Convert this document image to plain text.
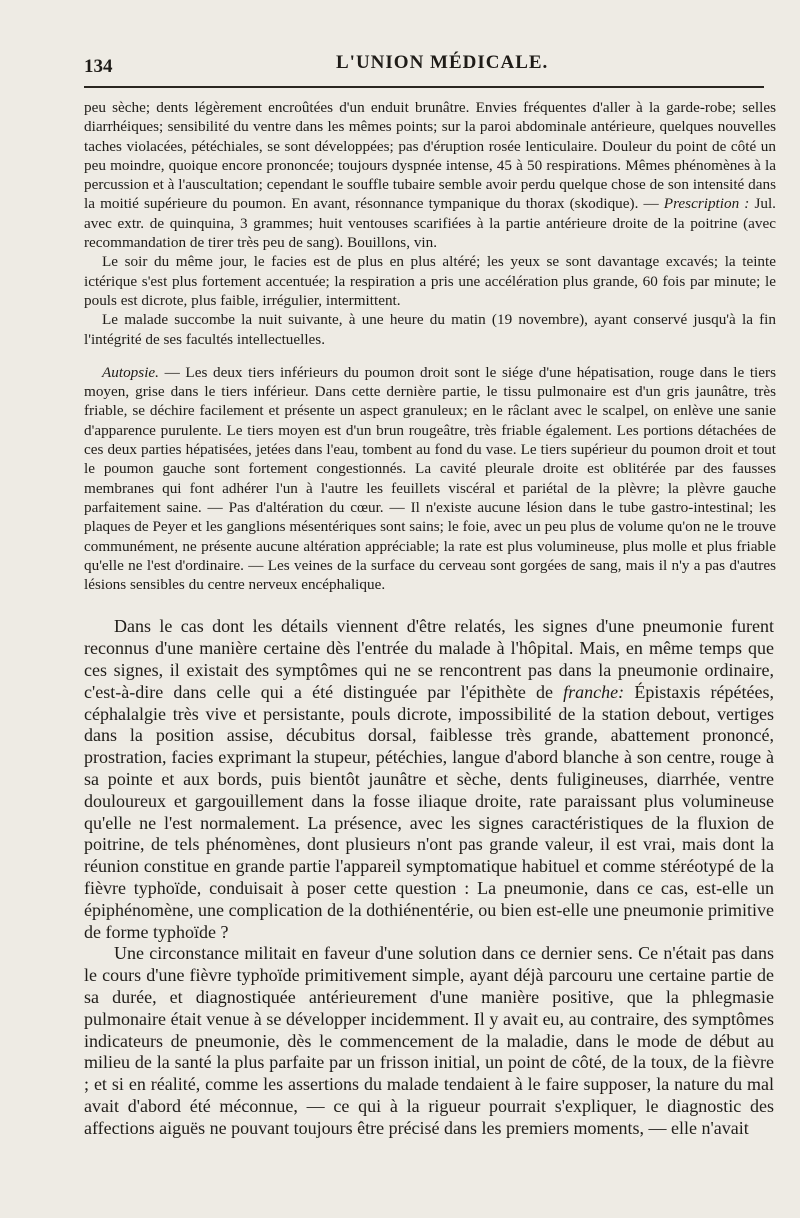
134	L'UNION MÉDICALE.

peu sèche; dents légèrement encroûtées d'un enduit brunâtre. Envies fréquentes d'aller à la garde-robe; selles diarrhéiques; sensibilité du ventre dans les mêmes points; sur la paroi abdominale antérieure, quelques nouvelles taches violacées, pétéchiales, se sont développées; pas d'éruption rosée lenticulaire. Douleur du point de côté un peu moindre, quoique encore prononcée; toujours dyspnée intense, 45 à 50 respirations. Mêmes phénomènes à la percussion et à l'auscultation; cependant le souffle tubaire semble avoir perdu quelque chose de son intensité dans la moitié supérieure du poumon. En avant, résonnance tympanique du thorax (skodique). — Prescription : Jul. avec extr. de quinquina, 3 grammes; huit ventouses scarifiées à la partie antérieure droite de la poitrine (avec recommandation de tirer très peu de sang). Bouillons, vin.

Le soir du même jour, le facies est de plus en plus altéré; les yeux se sont davantage excavés; la teinte ictérique s'est plus fortement accentuée; la respiration a pris une accélération plus grande, 60 fois par minute; le pouls est dicrote, plus faible, irrégulier, intermittent.

Le malade succombe la nuit suivante, à une heure du matin (19 novembre), ayant conservé jusqu'à la fin l'intégrité de ses facultés intellectuelles.

Autopsie. — Les deux tiers inférieurs du poumon droit sont le siége d'une hépatisation, rouge dans le tiers moyen, grise dans le tiers inférieur. Dans cette dernière partie, le tissu pulmonaire est d'un gris jaunâtre, très friable, se déchire facilement et présente un aspect granuleux; en le râclant avec le scalpel, on enlève une sanie d'apparence purulente. Le tiers moyen est d'un brun rougeâtre, très friable également. Les portions détachées de ces deux parties hépatisées, jetées dans l'eau, tombent au fond du vase. Le tiers supérieur du poumon droit et tout le poumon gauche sont fortement congestionnés. La cavité pleurale droite est oblitérée par des fausses membranes qui font adhérer l'un à l'autre les feuillets viscéral et pariétal de la plèvre; la plèvre gauche parfaitement saine. — Pas d'altération du cœur. — Il n'existe aucune lésion dans le tube gastro-intestinal; les plaques de Peyer et les ganglions mésentériques sont sains; le foie, avec un peu plus de volume qu'on ne le trouve communément, ne présente aucune altération appréciable; la rate est plus volumineuse, plus molle et plus friable qu'elle ne l'est d'ordinaire. — Les veines de la surface du cerveau sont gorgées de sang, mais il n'y a pas d'autres lésions sensibles du centre nerveux encéphalique.

Dans le cas dont les détails viennent d'être relatés, les signes d'une pneumonie furent reconnus d'une manière certaine dès l'entrée du malade à l'hôpital. Mais, en même temps que ces signes, il existait des symptômes qui ne se rencontrent pas dans la pneumonie ordinaire, c'est-à-dire dans celle qui a été distinguée par l'épithète de franche: Épistaxis répétées, céphalalgie très vive et persistante, pouls dicrote, impossibilité de la station debout, vertiges dans la position assise, décubitus dorsal, faiblesse très grande, abattement prononcé, prostration, facies exprimant la stupeur, pétéchies, langue d'abord blanche à son centre, rouge à sa pointe et aux bords, puis bientôt jaunâtre et sèche, dents fuligineuses, diarrhée, ventre douloureux et gargouillement dans la fosse iliaque droite, rate paraissant plus volumineuse qu'elle ne l'est normalement. La présence, avec les signes caractéristiques de la fluxion de poitrine, de tels phénomènes, dont plusieurs n'ont pas grande valeur, il est vrai, mais dont la réunion constitue en grande partie l'appareil symptomatique habituel et comme stéréotypé de la fièvre typhoïde, conduisait à poser cette question : La pneumonie, dans ce cas, est-elle un épiphénomène, une complication de la dothiénentérie, ou bien est-elle une pneumonie primitive de forme typhoïde ?

Une circonstance militait en faveur d'une solution dans ce dernier sens. Ce n'était pas dans le cours d'une fièvre typhoïde primitivement simple, ayant déjà parcouru une certaine partie de sa durée, et diagnostiquée antérieurement d'une manière positive, que la phlegmasie pulmonaire était venue à se développer incidemment. Il y avait eu, au contraire, des symptômes indicateurs de pneumonie, dès le commencement de la maladie, dans le mode de début au milieu de la santé la plus parfaite par un frisson initial, un point de côté, de la toux, de la fièvre ; et si en réalité, comme les assertions du malade tendaient à le faire supposer, la nature du mal avait d'abord été méconnue, — ce qui à la rigueur pourrait s'expliquer, le diagnostic des affections aiguës ne pouvant toujours être précisé dans les premiers moments, — elle n'avait
